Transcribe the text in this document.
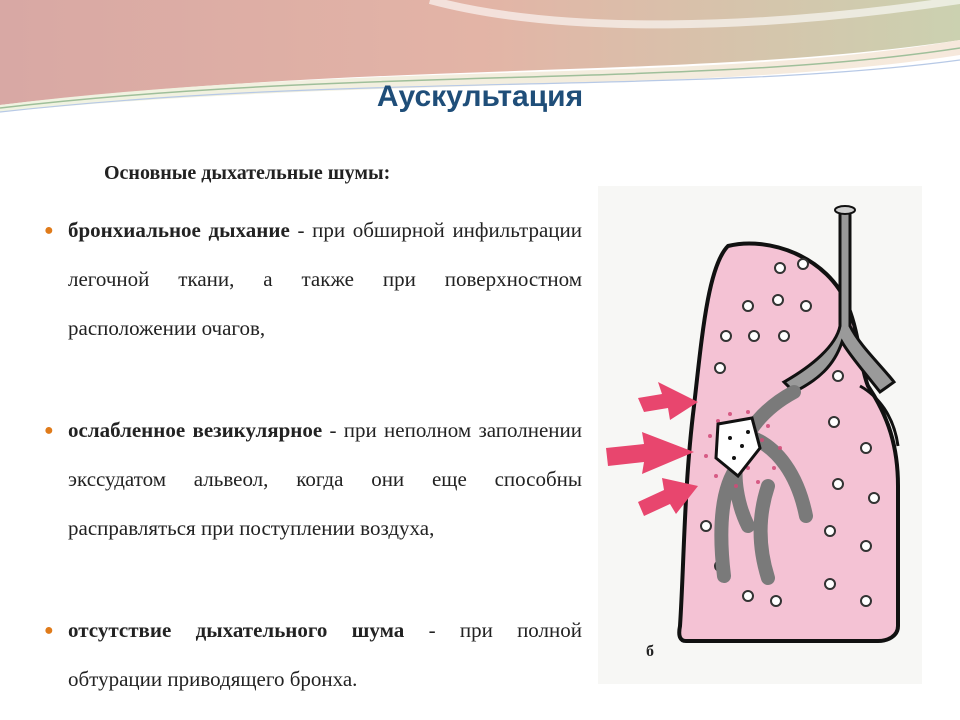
Аускультация
Основные дыхательные шумы:
● бронхиальное дыхание - при обширной инфильтрации легочной ткани, а также при поверхностном расположении очагов,
● ослабленное везикулярное - при неполном заполнении экссудатом альвеол, когда они еще способны расправляться при поступлении воздуха,
● отсутствие дыхательного шума - при полной обтурации приводящего бронха.
б
